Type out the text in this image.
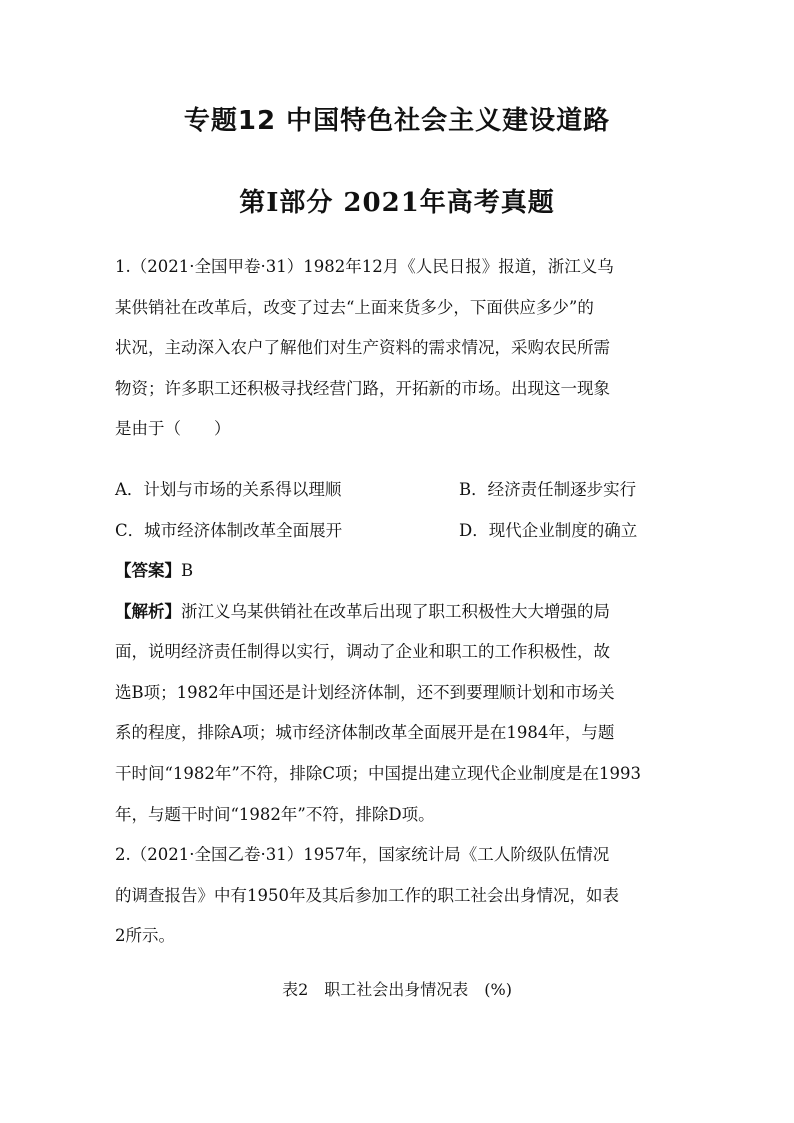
专题12 中国特色社会主义建设道路
第Ⅰ部分 2021年高考真题

1.（2021·全国甲卷·31）1982年12月《人民日报》报道，浙江义乌

某供销社在改革后，改变了过去“上面来货多少，下面供应多少”的

状况，主动深入农户了解他们对生产资料的需求情况，采购农民所需

物资；许多职工还积极寻找经营门路，开拓新的市场。出现这一现象

是由于（　　）

A．计划与市场的关系得以理顺	B．经济责任制逐步实行
C．城市经济体制改革全面展开	D．现代企业制度的确立

【答案】B

【解析】浙江义乌某供销社在改革后出现了职工积极性大大增强的局

面，说明经济责任制得以实行，调动了企业和职工的工作积极性，故

选B项；1982年中国还是计划经济体制，还不到要理顺计划和市场关

系的程度，排除A项；城市经济体制改革全面展开是在1984年，与题

干时间“1982年”不符，排除C项；中国提出建立现代企业制度是在1993

年，与题干时间“1982年”不符，排除D项。

2.（2021·全国乙卷·31）1957年，国家统计局《工人阶级队伍情况

的调查报告》中有1950年及其后参加工作的职工社会出身情况，如表

2所示。

表2　职工社会出身情况表　(%)
